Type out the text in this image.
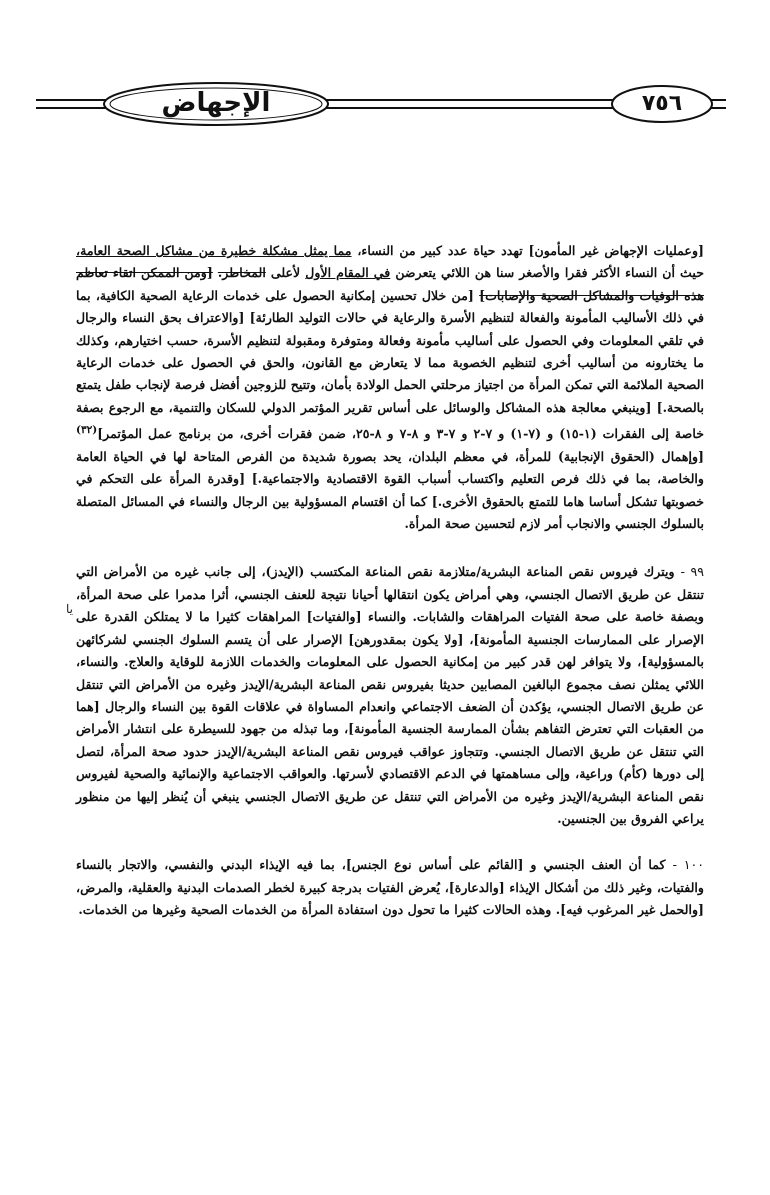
الإجهاض	٧٥٦

[وعمليات الإجهاض غير المأمون] تهدد حياة عدد كبير من النساء، مما يمثل مشكلة خطيرة من مشاكل الصحة العامة، حيث أن النساء الأكثر فقرا والأصغر سنا هن اللائي يتعرضن في المقام الأول لأعلى المخاطر. [ومن الممكن اتقاء تعاظم هذه الوفيات والمشاكل الصحية والإصابات] [من خلال تحسين إمكانية الحصول على خدمات الرعاية الصحية الكافية، بما في ذلك الأساليب المأمونة والفعالة لتنظيم الأسرة والرعاية في حالات التوليد الطارئة] [والاعتراف بحق النساء والرجال في تلقي المعلومات وفي الحصول على أساليب مأمونة وفعالة ومتوفرة ومقبولة لتنظيم الأسرة، حسب اختيارهم، وكذلك ما يختارونه من أساليب أخرى لتنظيم الخصوبة مما لا يتعارض مع القانون، والحق في الحصول على خدمات الرعاية الصحية الملائمة التي تمكن المرأة من اجتياز مرحلتي الحمل الولادة بأمان، وتتيح للزوجين أفضل فرصة لإنجاب طفل يتمتع بالصحة.] [وينبغي معالجة هذه المشاكل والوسائل على أساس تقرير المؤتمر الدولي للسكان والتنمية، مع الرجوع بصفة خاصة إلى الفقرات (١-١٥) و (٧-١) و ٧-٢ و ٧-٣ و ٨-٧ و ٨-٢٥، ضمن فقرات أخرى، من برنامج عمل المؤتمر]$^{(٣٢)}$ [وإهمال (الحقوق الإنجابية) للمرأة، في معظم البلدان، يحد بصورة شديدة من الفرص المتاحة لها في الحياة العامة والخاصة، بما في ذلك فرص التعليم واكتساب أسباب القوة الاقتصادية والاجتماعية.] [وقدرة المرأة على التحكم في خصوبتها تشكل أساسا هاما للتمتع بالحقوق الأخرى.] كما أن اقتسام المسؤولية بين الرجال والنساء في المسائل المتصلة بالسلوك الجنسي والانجاب أمر لازم لتحسين صحة المرأة.

٩٩ - ويترك فيروس نقص المناعة البشرية/متلازمة نقص المناعة المكتسب (الإيدز)، إلى جانب غيره من الأمراض التي تنتقل عن طريق الاتصال الجنسي، وهي أمراض يكون انتقالها أحيانا نتيجة للعنف الجنسي، أثرا مدمرا على صحة المرأة، وبصفة خاصة على صحة الفتيات المراهقات والشابات. والنساء [والفتيات] المراهقات كثيرا ما لا يمتلكن القدرة على الإصرار على الممارسات الجنسية المأمونة]، [ولا يكون بمقدورهن] الإصرار على أن يتسم السلوك الجنسي لشركائهن بالمسؤولية]، ولا يتوافر لهن قدر كبير من إمكانية الحصول على المعلومات والخدمات اللازمة للوقاية والعلاج. والنساء، اللائي يمثلن نصف مجموع البالغين المصابين حديثا بفيروس نقص المناعة البشرية/الإيدز وغيره من الأمراض التي تنتقل عن طريق الاتصال الجنسي، يؤكدن أن الضعف الاجتماعي وانعدام المساواة في علاقات القوة بين النساء والرجال [هما من العقبات التي تعترض التفاهم بشأن الممارسة الجنسية المأمونة]، وما تبذله من جهود للسيطرة على انتشار الأمراض التي تنتقل عن طريق الاتصال الجنسي. وتتجاوز عواقب فيروس نقص المناعة البشرية/الإيدز حدود صحة المرأة، لتصل إلى دورها (كأم) وراعية، وإلى مساهمتها في الدعم الاقتصادي لأسرتها. والعواقب الاجتماعية والإنمائية والصحية لفيروس نقص المناعة البشرية/الإيدز وغيره من الأمراض التي تنتقل عن طريق الاتصال الجنسي ينبغي أن يُنظر إليها من منظور يراعي الفروق بين الجنسين.

١٠٠ - كما أن العنف الجنسي و [القائم على أساس نوع الجنس]، بما فيه الإيذاء البدني والنفسي، والاتجار بالنساء والفتيات، وغير ذلك من أشكال الإيذاء [والدعارة]، يُعرض الفتيات بدرجة كبيرة لخطر الصدمات البدنية والعقلية، والمرض، [والحمل غير المرغوب فيه]. وهذه الحالات كثيرا ما تحول دون استفادة المرأة من الخدمات الصحية وغيرها من الخدمات.

يا
